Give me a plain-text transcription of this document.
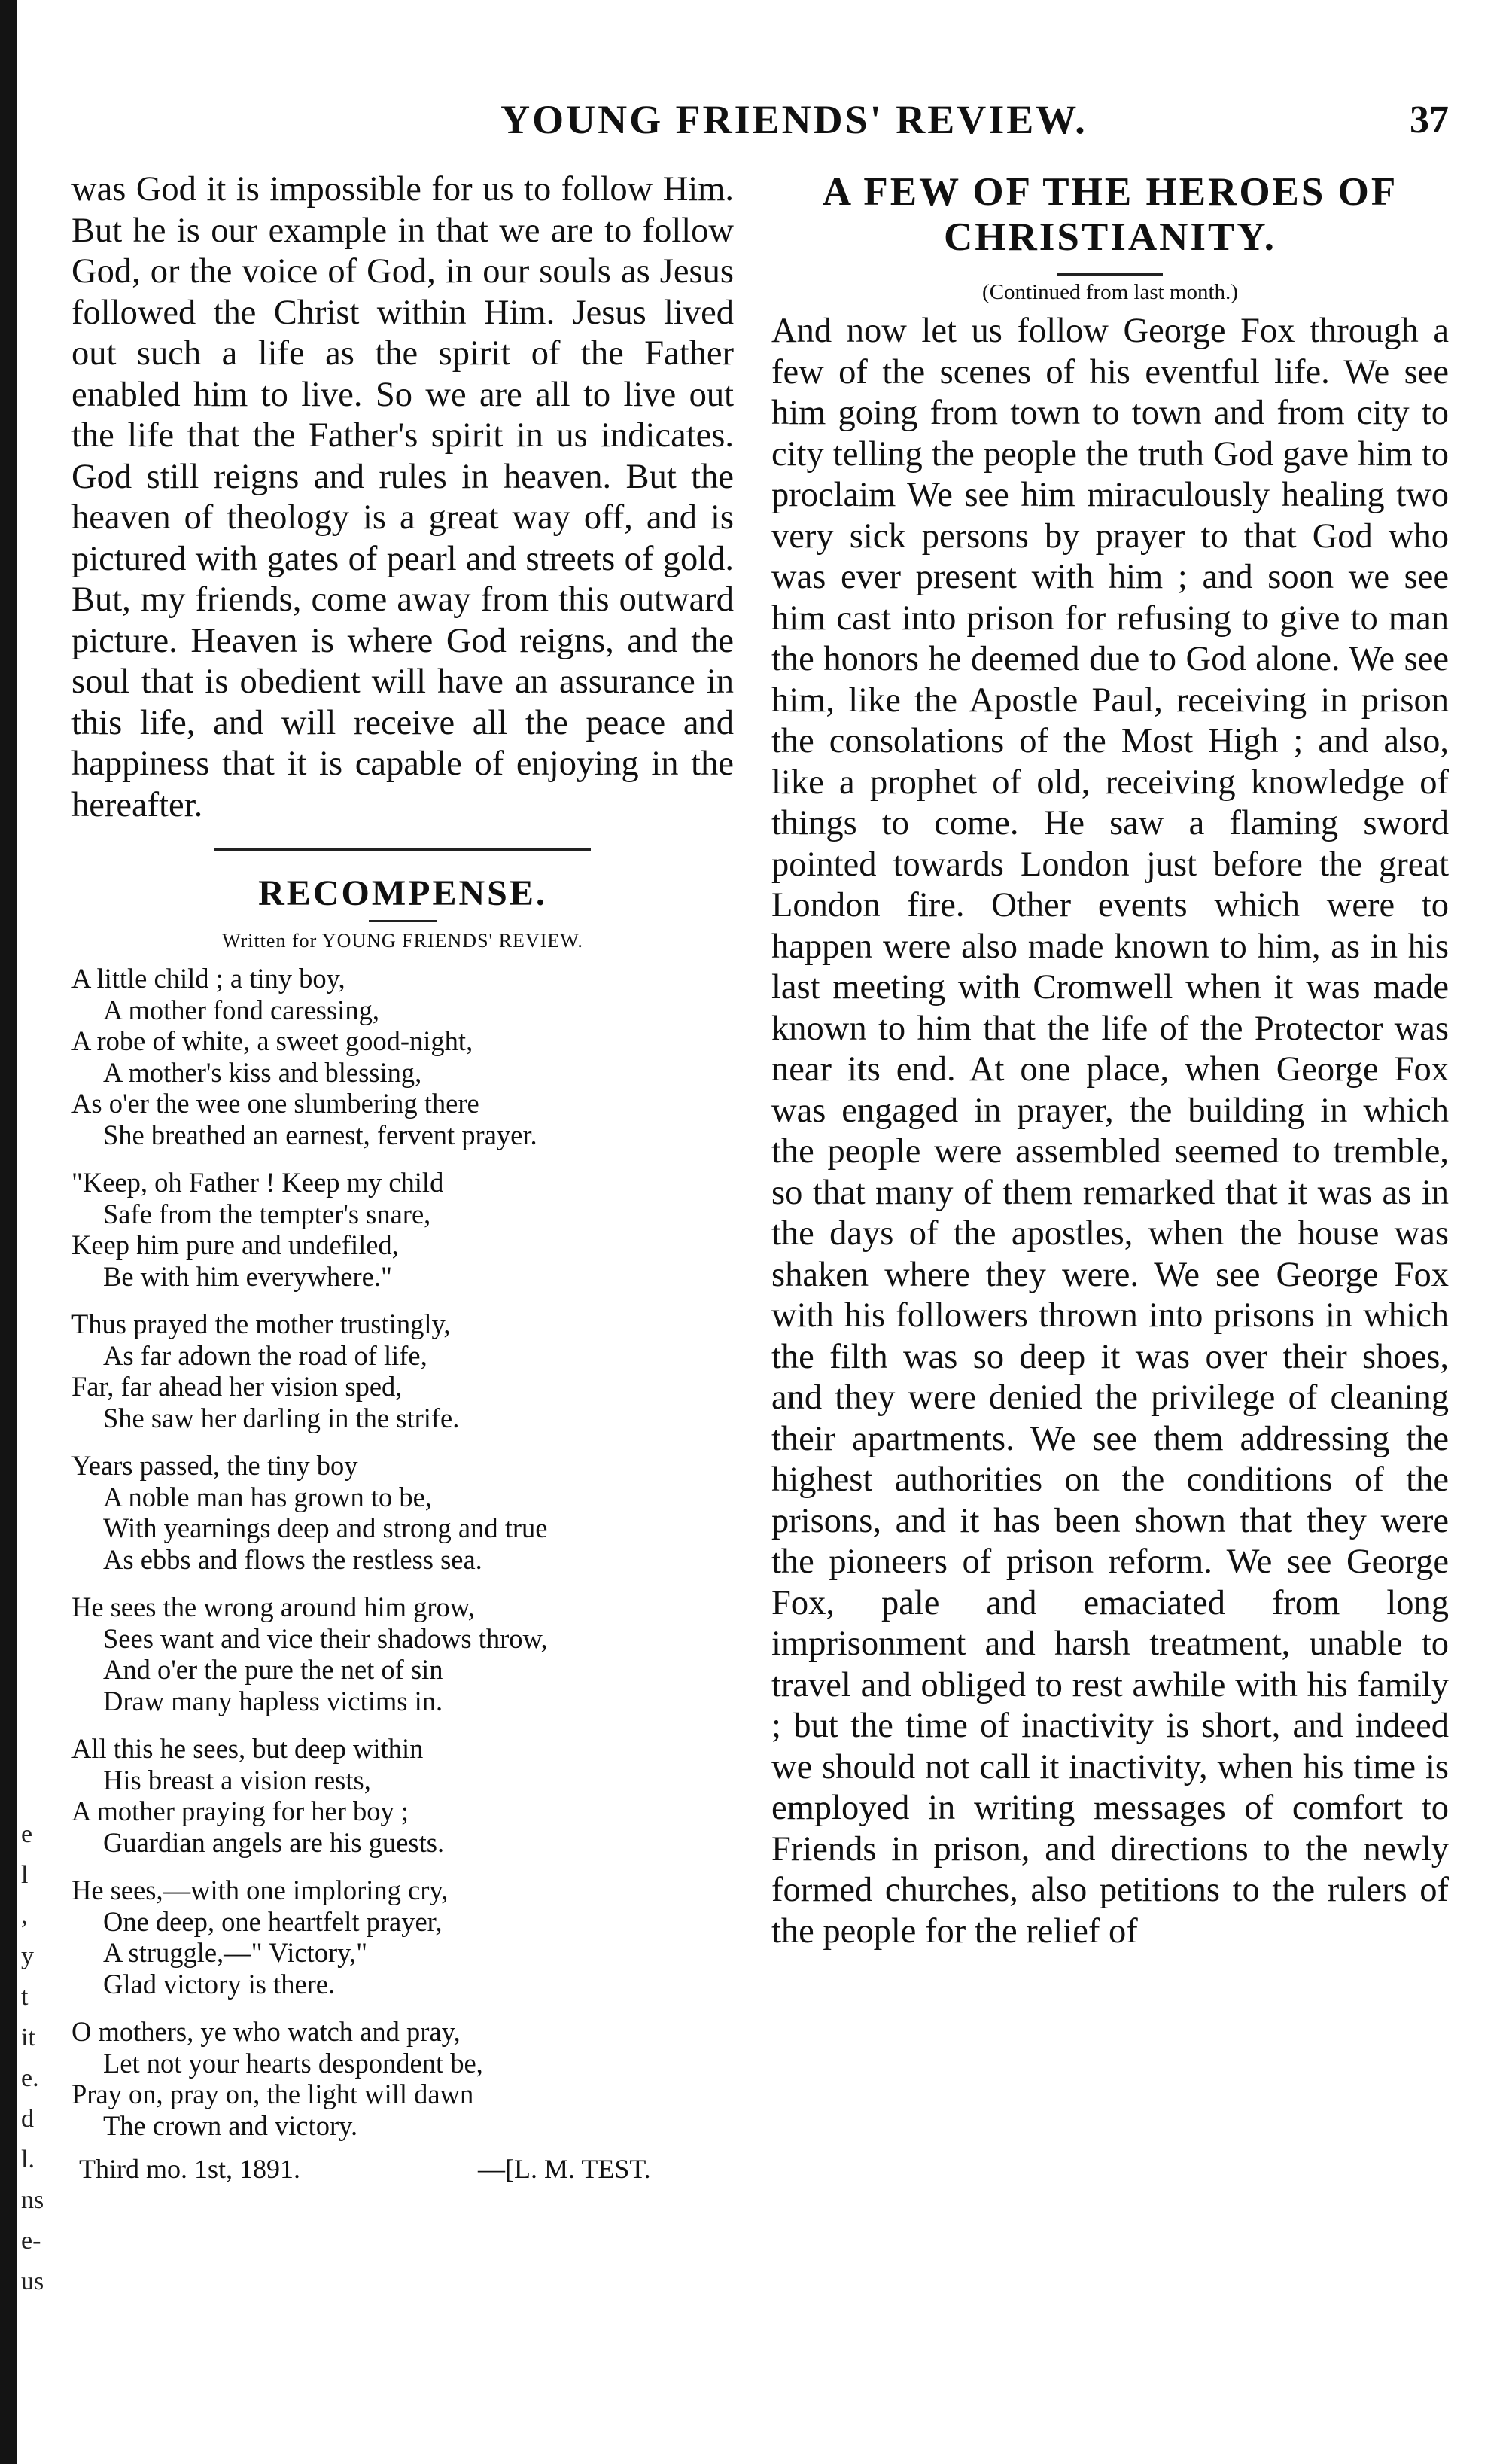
e
l
,
y
t
it
e.
d
l.
ns
e-
us
YOUNG FRIENDS' REVIEW.	37

was God it is impossible for us to follow Him. But he is our example in that we are to follow God, or the voice of God, in our souls as Jesus followed the Christ within Him. Jesus lived out such a life as the spirit of the Father enabled him to live. So we are all to live out the life that the Father's spirit in us indicates. God still reigns and rules in heaven. But the heaven of theology is a great way off, and is pictured with gates of pearl and streets of gold. But, my friends, come away from this outward picture. Heaven is where God reigns, and the soul that is obedient will have an assurance in this life, and will receive all the peace and happiness that it is capable of enjoying in the hereafter.

RECOMPENSE.

Written for YOUNG FRIENDS' REVIEW.

A little child ; a tiny boy,
A mother fond caressing,
A robe of white, a sweet good-night,
A mother's kiss and blessing,
As o'er the wee one slumbering there
She breathed an earnest, fervent prayer.
"Keep, oh Father ! Keep my child
Safe from the tempter's snare,
Keep him pure and undefiled,
Be with him everywhere."
Thus prayed the mother trustingly,
As far adown the road of life,
Far, far ahead her vision sped,
She saw her darling in the strife.
Years passed, the tiny boy
A noble man has grown to be,
With yearnings deep and strong and true
As ebbs and flows the restless sea.
He sees the wrong around him grow,
Sees want and vice their shadows throw,
And o'er the pure the net of sin
Draw many hapless victims in.
All this he sees, but deep within
His breast a vision rests,
A mother praying for her boy ;
Guardian angels are his guests.
He sees,—with one imploring cry,
One deep, one heartfelt prayer,
A struggle,—" Victory,"
Glad victory is there.
O mothers, ye who watch and pray,
Let not your hearts despondent be,
Pray on, pray on, the light will dawn
The crown and victory.
Third mo. 1st, 1891.	—[L. M. TEST.
A FEW OF THE HEROES OF
CHRISTIANITY.

(Continued from last month.)

And now let us follow George Fox through a few of the scenes of his eventful life. We see him going from town to town and from city to city telling the people the truth God gave him to proclaim We see him miraculously healing two very sick persons by prayer to that God who was ever present with him ; and soon we see him cast into prison for refusing to give to man the honors he deemed due to God alone. We see him, like the Apostle Paul, receiving in prison the consolations of the Most High ; and also, like a prophet of old, receiving knowledge of things to come. He saw a flaming sword pointed towards London just before the great London fire. Other events which were to happen were also made known to him, as in his last meeting with Cromwell when it was made known to him that the life of the Protector was near its end. At one place, when George Fox was engaged in prayer, the building in which the people were assembled seemed to tremble, so that many of them remarked that it was as in the days of the apostles, when the house was shaken where they were. We see George Fox with his followers thrown into prisons in which the filth was so deep it was over their shoes, and they were denied the privilege of cleaning their apartments. We see them addressing the highest authorities on the conditions of the prisons, and it has been shown that they were the pioneers of prison reform. We see George Fox, pale and emaciated from long imprisonment and harsh treatment, unable to travel and obliged to rest awhile with his family ; but the time of inactivity is short, and indeed we should not call it inactivity, when his time is employed in writing messages of comfort to Friends in prison, and directions to the newly formed churches, also petitions to the rulers of the people for the relief of
